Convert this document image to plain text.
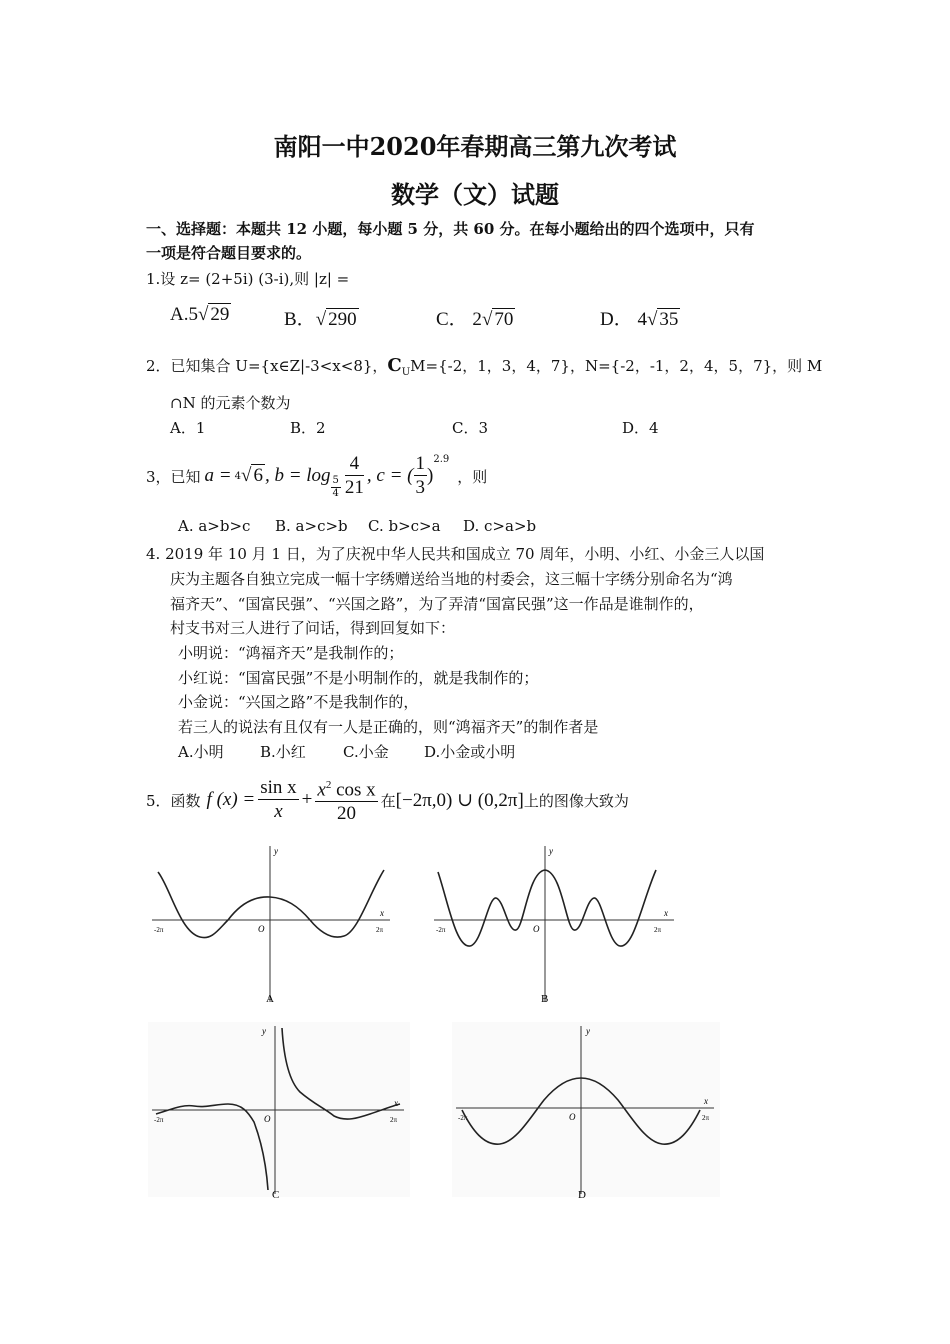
南阳一中2020年春期高三第九次考试
数学（文）试题
一、选择题：本题共 12 小题，每小题 5 分，共 60 分。在每小题给出的四个选项中，只有
一项是符合题目要求的。
1.设 z= (2+5i) (3-i),则 |z| =
A.5√ 29	B．√ 290	C． 2√ 70	D． 4√ 35
2．已知集合 U={x∈Z|-3<x<8}，$C_UM=\{-2$，1，3，4，7}，N={-2，-1，2，4，5，7}，则 M
∩N 的元素个数为
A．1	B．2	C．3	D．4
3，已知 a = 4 √ 6 , $b = \log \frac{5}{4} \frac{4}{21}$ , c = ( $\frac{1}{3}$ )
2.9
，则
A. a>b>c B. a>c>b C. b>c>a D. c>a>b
4. 2019 年 10 月 1 日，为了庆祝中华人民共和国成立 70 周年，小明、小红、小金三人以国
庆为主题各自独立完成一幅十字绣赠送给当地的村委会，这三幅十字绣分别命名为“鸿
福齐天”、“国富民强”、“兴国之路”，为了弄清“国富民强”这一作品是谁制作的，
村支书对三人进行了问话，得到回复如下：
小明说：“鸿福齐天”是我制作的；
小红说：“国富民强”不是小明制作的，就是我制作的；
小金说：“兴国之路”不是我制作的，
若三人的说法有且仅有一人是正确的，则“鸿福齐天”的制作者是
A.小明 B.小红 C.小金 D.小金或小明
5．函数 f $(x) = \frac{\text{sin x}}{x} + \frac{x^2 \cos x}{20}$ 在 [−2π,0) ∪ (0,2π] 上的图像大致为
x
y
O
-2π	2π
A
x
y
O
-2π	2π
B
x
y
O
-2π	2π
C
x
y
O
-2π	2π
D
